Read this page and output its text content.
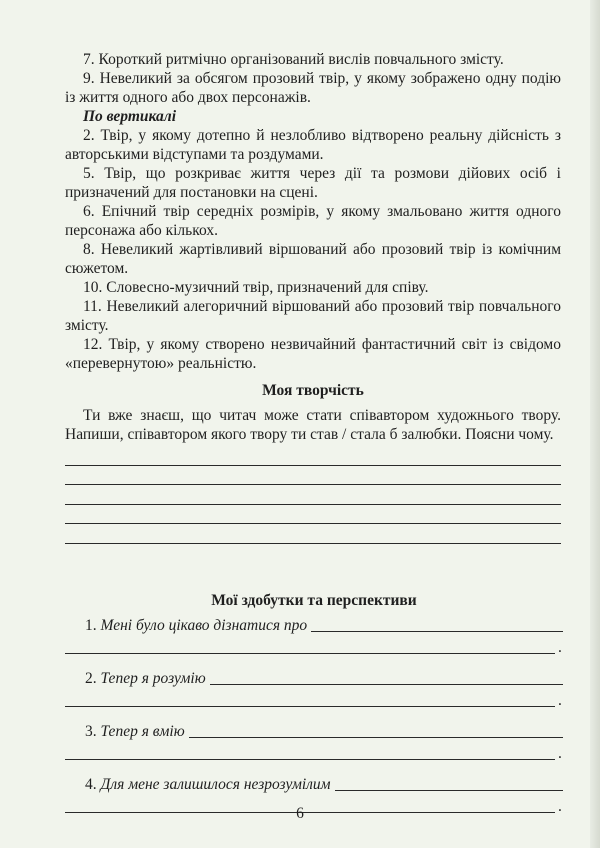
7. Короткий ритмічно організований вислів повчального змісту.

9. Невеликий за обсягом прозовий твір, у якому зображено одну подію із життя одного або двох персонажів.

По вертикалі

2. Твір, у якому дотепно й незлобливо відтворено реальну дійсність з авторськими відступами та роздумами.

5. Твір, що розкриває життя через дії та розмови дійових осіб і призначений для постановки на сцені.

6. Епічний твір середніх розмірів, у якому змальовано життя одного персонажа або кількох.

8. Невеликий жартівливий віршований або прозовий твір із комічним сюжетом.

10. Словесно-музичний твір, призначений для співу.

11. Невеликий алегоричний віршований або прозовий твір повчального змісту.

12. Твір, у якому створено незвичайний фантастичний світ із свідомо «перевернутою» реальністю.

Моя творчість

Ти вже знаєш, що читач може стати співавтором художнього твору. Напиши, співавтором якого твору ти став / стала б залюбки. Поясни чому.

Мої здобутки та перспективи

1.
Мені було цікаво дізнатися про
.
2.
Тепер я розумію
.
3.
Тепер я вмію
.
4.
Для мене залишилося незрозумілим
.
6
